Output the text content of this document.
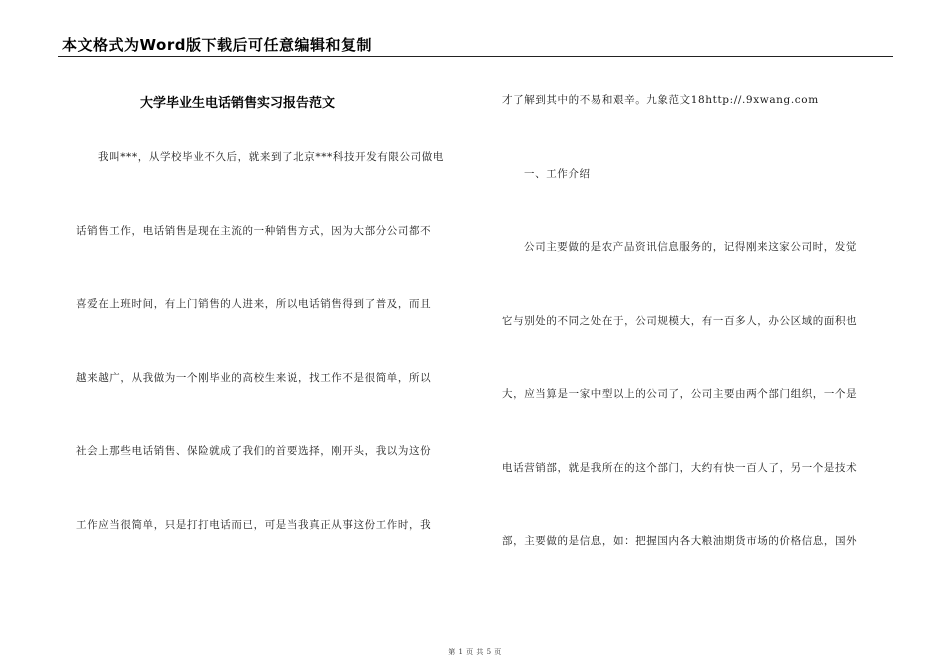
本文格式为Word版下载后可任意编辑和复制
大学毕业生电话销售实习报告范文
我叫***，从学校毕业不久后，就来到了北京***科技开发有限公司做电
话销售工作，电话销售是现在主流的一种销售方式，因为大部分公司都不
喜爱在上班时间，有上门销售的人进来，所以电话销售得到了普及，而且
越来越广，从我做为一个刚毕业的高校生来说，找工作不是很简单，所以
社会上那些电话销售、保险就成了我们的首要选择，刚开头，我以为这份
工作应当很简单，只是打打电话而已，可是当我真正从事这份工作时，我
才了解到其中的不易和艰辛。九象范文18http://.9xwang.com
一、工作介绍
公司主要做的是农产品资讯信息服务的，记得刚来这家公司时，发觉
它与别处的不同之处在于，公司规模大，有一百多人，办公区域的面积也
大，应当算是一家中型以上的公司了，公司主要由两个部门组织，一个是
电话营销部，就是我所在的这个部门，大约有快一百人了，另一个是技术
部，主要做的是信息，如：把握国内各大粮油期货市场的价格信息，国外
第 1 页 共 5 页
